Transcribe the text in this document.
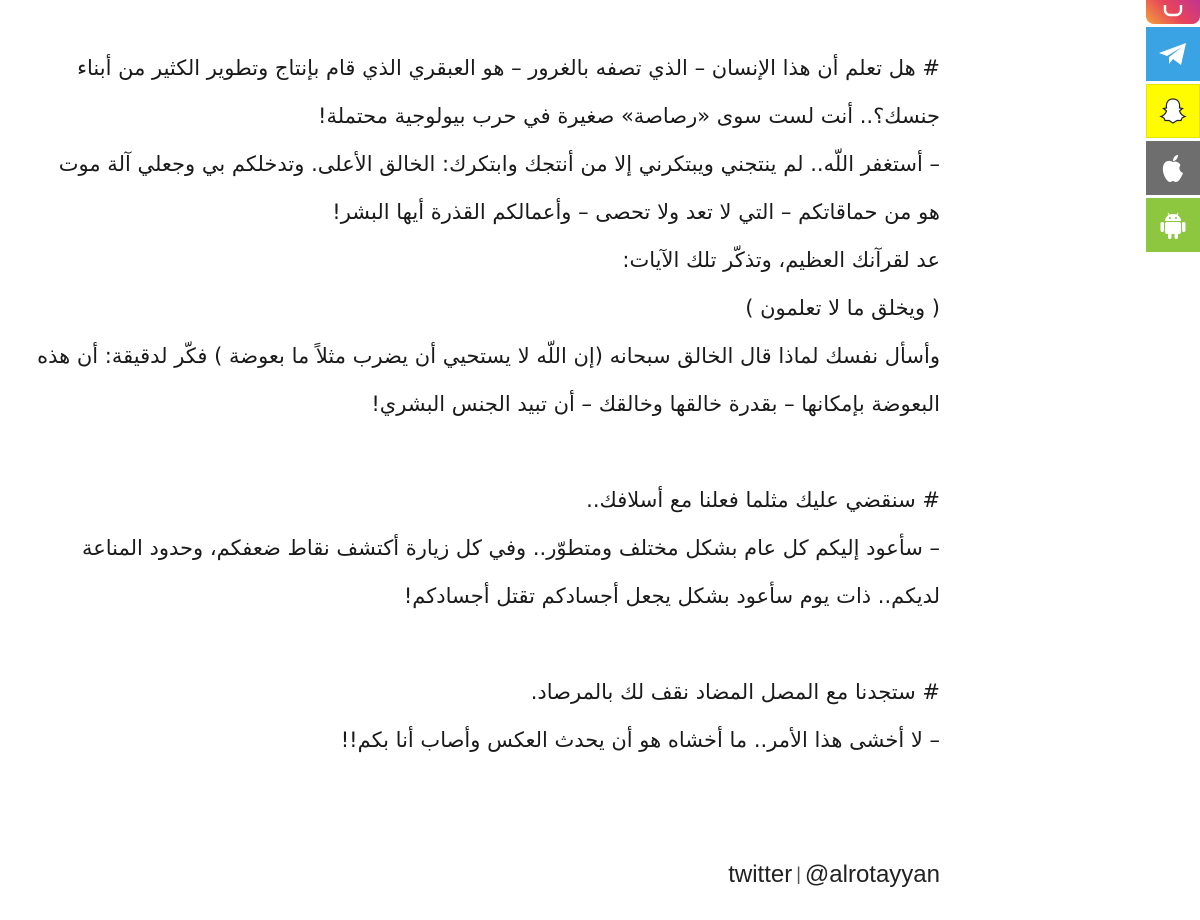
# هل تعلم أن هذا الإنسان – الذي تصفه بالغرور – هو العبقري الذي قام بإنتاج وتطوير الكثير من أبناء جنسك؟.. أنت لست سوى «رصاصة» صغيرة في حرب بيولوجية محتملة!

– أستغفر اللّه.. لم ينتجني ويبتكرني إلا من أنتجك وابتكرك: الخالق الأعلى. وتدخلكم بي وجعلي آلة موت هو من حماقاتكم – التي لا تعد ولا تحصى – وأعمالكم القذرة أيها البشر!

عد لقرآنك العظيم، وتذكّر تلك الآيات:

( ويخلق ما لا تعلمون )

وأسأل نفسك لماذا قال الخالق سبحانه (إن اللّه لا يستحيي أن يضرب مثلاً ما بعوضة ) فكّر لدقيقة: أن هذه البعوضة بإمكانها – بقدرة خالقها وخالقك – أن تبيد الجنس البشري!

# سنقضي عليك مثلما فعلنا مع أسلافك..

– سأعود إليكم كل عام بشكل مختلف ومتطوّر.. وفي كل زيارة أكتشف نقاط ضعفكم، وحدود المناعة لديكم.. ذات يوم سأعود بشكل يجعل أجسادكم تقتل أجسادكم!

# ستجدنا مع المصل المضاد نقف لك بالمرصاد.

– لا أخشى هذا الأمر.. ما أخشاه هو أن يحدث العكس وأصاب أنا بكم!!

twitter | @alrotayyan
